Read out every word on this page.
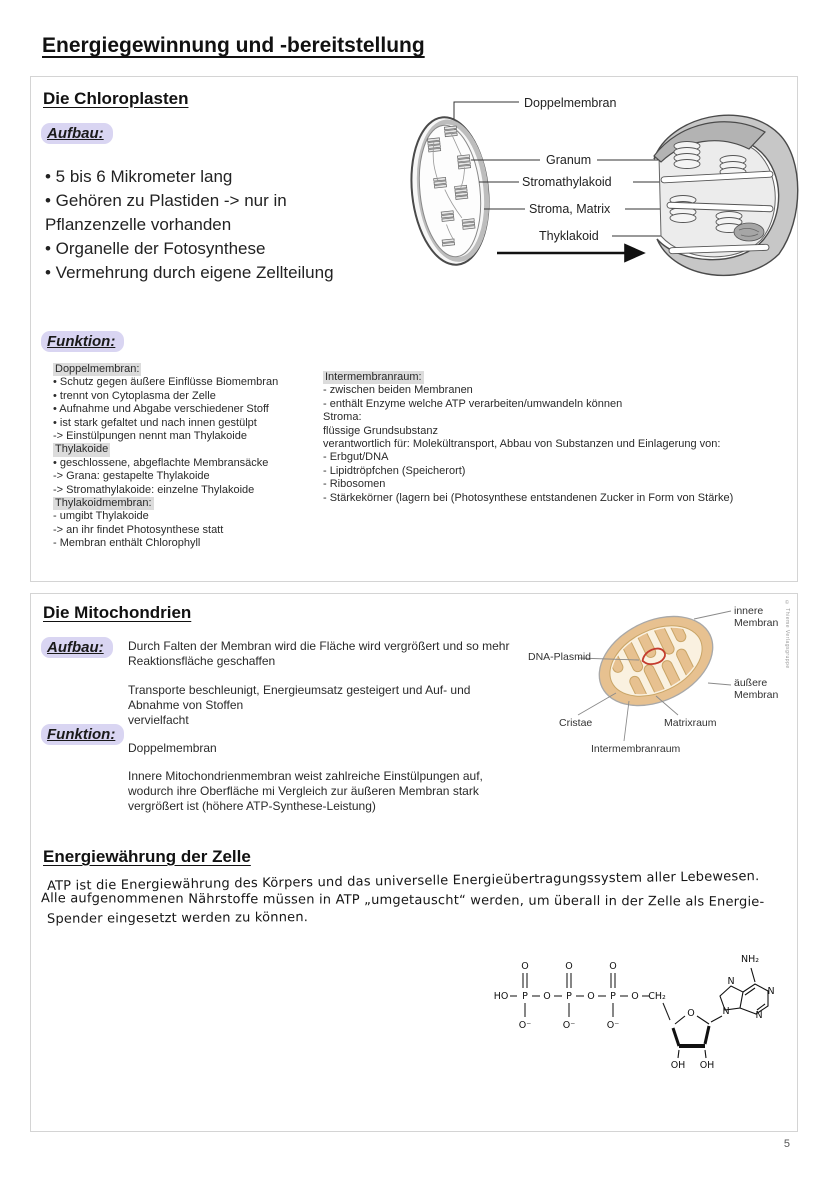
Energiegewinnung und -bereitstellung
Die Chloroplasten
Aufbau:
• 5 bis 6 Mikrometer lang
• Gehören zu Plastiden -> nur in
Pflanzenzelle vorhanden
• Organelle der Fotosynthese
• Vermehrung durch eigene Zellteilung
Doppelmembran
Granum
Stromathylakoid
Stroma, Matrix
Thyklakoid
Funktion:
Doppelmembran:
• Schutz gegen äußere Einflüsse Biomembran
• trennt von Cytoplasma der Zelle
• Aufnahme und Abgabe verschiedener Stoff
• ist stark gefaltet und nach innen gestülpt
-> Einstülpungen nennt man Thylakoide
Thylakoide
• geschlossene, abgeflachte Membransäcke
-> Grana: gestapelte Thylakoide
-> Stromathylakoide: einzelne Thylakoide
Thylakoidmembran:
- umgibt Thylakoide
-> an ihr findet Photosynthese statt
- Membran enthält Chlorophyll
Intermembranraum:
- zwischen beiden Membranen
- enthält Enzyme welche ATP verarbeiten/umwandeln können
Stroma:
flüssige Grundsubstanz
verantwortlich für: Molekültransport, Abbau von Substanzen und Einlagerung von:
- Erbgut/DNA
- Lipidtröpfchen (Speicherort)
- Ribosomen
- Stärkekörner (lagern bei (Photosynthese entstandenen Zucker in Form von Stärke)
Die Mitochondrien
Aufbau:	Durch Falten der Membran wird die Fläche wird vergrößert und so mehr Reaktionsfläche geschaffen
Transporte beschleunigt, Energieumsatz gesteigert und Auf- und Abnahme von Stoffen
vervielfacht
Funktion:
Doppelmembran
Innere Mitochondrienmembran weist zahlreiche Einstülpungen auf, wodurch ihre Oberfläche mi Vergleich zur äußeren Membran stark vergrößert ist (höhere ATP-Synthese-Leistung)
innere Membran
DNA-Plasmid
äußere Membran
Cristae	Matrixraum
Intermembranraum
© Thieme Verlagsgruppe
Energiewährung der Zelle
ATP ist die Energiewährung des Körpers und das universelle Energieübertragungssystem aller Lebewesen.
Alle aufgenommenen Nährstoffe müssen in ATP „umgetauscht“ werden, um überall in der Zelle als Energie-
Spender eingesetzt werden zu können.
HO P O P O P O CH₂
O	O	O
O⁻	O⁻	O⁻
O
OH OH
N
N
N
N
NH₂
5
